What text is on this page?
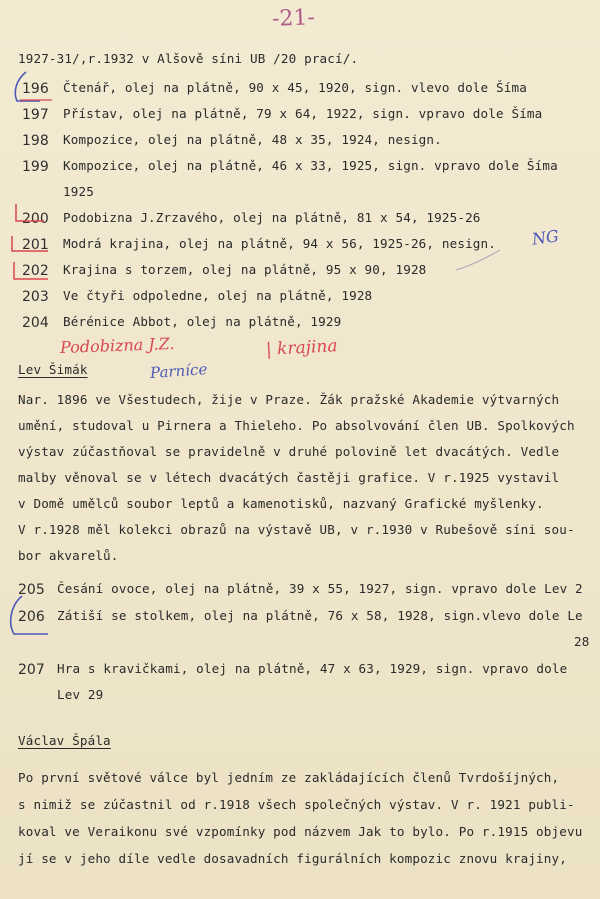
-21-
1927-31/,r.1932 v Alšově síni UB /20 prací/.
196 Čtenář, olej na plátně, 90 x 45, 1920, sign. vlevo dole Šíma
197 Přístav, olej na plátně, 79 x 64, 1922, sign. vpravo dole Šíma
198 Kompozice, olej na plátně, 48 x 35, 1924, nesign.
199 Kompozice, olej na plátně, 46 x 33, 1925, sign. vpravo dole Šíma
1925
200 Podobizna J.Zrzavého, olej na plátně, 81 x 54, 1925-26
201 Modrá krajina, olej na plátně, 94 x 56, 1925-26, nesign.
202 Krajina s torzem, olej na plátně, 95 x 90, 1928
203 Ve čtyři odpoledne, olej na plátně, 1928
204 Bérénice Abbot, olej na plátně, 1929
Podobizna J.Z.	| krajina
Parníce
NG
Lev Šimák
Nar. 1896 ve Všestudech, žije v Praze. Žák pražské Akademie výtvarných
umění, studoval u Pirnera a Thieleho. Po absolvování člen UB. Spolkových
výstav zúčastňoval se pravidelně v druhé polovině let dvacátých. Vedle
malby věnoval se v létech dvacátých častěji grafice. V r.1925 vystavil
v Domě umělců soubor leptů a kamenotisků, nazvaný Grafické myšlenky.
V r.1928 měl kolekci obrazů na výstavě UB, v r.1930 v Rubešově síni sou-
bor akvarelů.
205 Česání ovoce, olej na plátně, 39 x 55, 1927, sign. vpravo dole Lev 2
206 Zátiší se stolkem, olej na plátně, 76 x 58, 1928, sign.vlevo dole Le
28
207 Hra s kravičkami, olej na plátně, 47 x 63, 1929, sign. vpravo dole
Lev 29
Václav Špála
Po první světové válce byl jedním ze zakládajících členů Tvrdošíjných,
s nimiž se zúčastnil od r.1918 všech společných výstav. V r. 1921 publi-
koval ve Veraikonu své vzpomínky pod názvem Jak to bylo. Po r.1915 objevu
jí se v jeho díle vedle dosavadních figurálních kompozic znovu krajiny,
